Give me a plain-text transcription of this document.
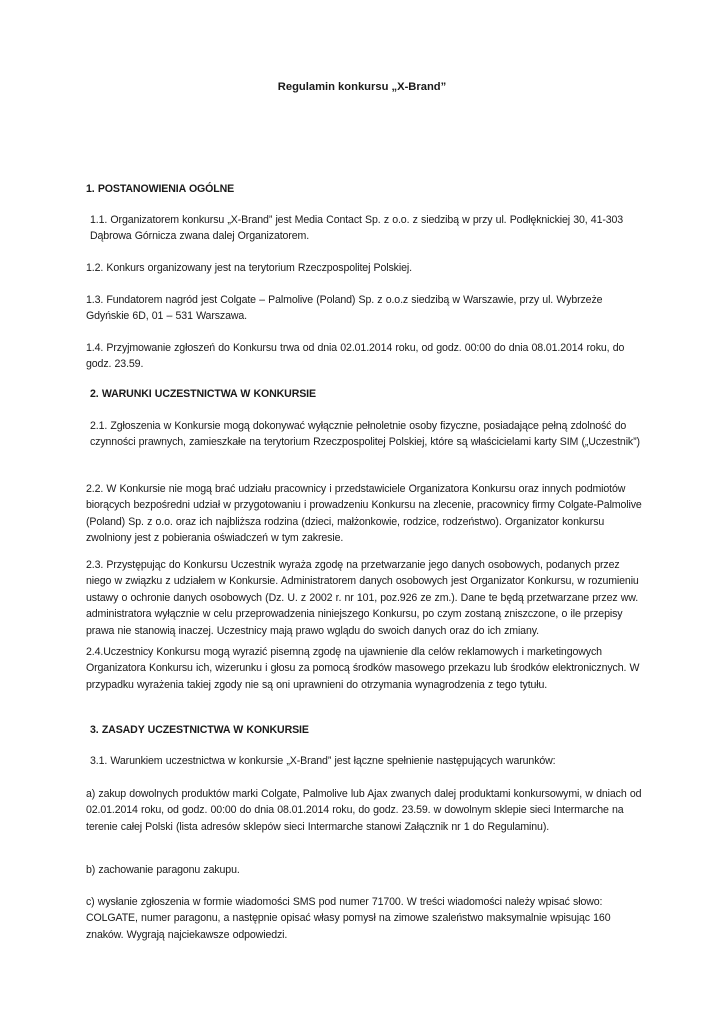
Regulamin konkursu „X-Brand”
1. POSTANOWIENIA OGÓLNE
1.1. Organizatorem konkursu „X-Brand” jest Media Contact Sp. z o.o. z siedzibą w przy ul. Podłęknickiej 30, 41-303 Dąbrowa Górnicza zwana dalej Organizatorem.
1.2. Konkurs organizowany jest na terytorium Rzeczpospolitej Polskiej.
1.3. Fundatorem nagród jest Colgate – Palmolive (Poland) Sp. z o.o.z siedzibą w Warszawie, przy ul. Wybrzeże Gdyńskie 6D, 01 – 531 Warszawa.
1.4. Przyjmowanie zgłoszeń do Konkursu trwa od dnia 02.01.2014 roku, od godz. 00:00 do dnia 08.01.2014 roku, do godz. 23.59.
2. WARUNKI UCZESTNICTWA W KONKURSIE
2.1. Zgłoszenia w Konkursie mogą dokonywać wyłącznie pełnoletnie osoby fizyczne, posiadające pełną zdolność do czynności prawnych, zamieszkałe na terytorium Rzeczpospolitej Polskiej, które są właścicielami karty SIM („Uczestnik”)
2.2. W Konkursie nie mogą brać udziału pracownicy i przedstawiciele Organizatora Konkursu oraz innych podmiotów biorących bezpośredni udział w przygotowaniu i prowadzeniu Konkursu na zlecenie, pracownicy firmy Colgate-Palmolive (Poland) Sp. z o.o. oraz ich najbliższa rodzina (dzieci, małżonkowie, rodzice, rodzeństwo). Organizator konkursu zwolniony jest z pobierania oświadczeń w tym zakresie.
2.3. Przystępując do Konkursu Uczestnik wyraża zgodę na przetwarzanie jego danych osobowych, podanych przez niego w związku z udziałem w Konkursie. Administratorem danych osobowych jest Organizator Konkursu, w rozumieniu ustawy o ochronie danych osobowych (Dz. U. z 2002 r. nr 101, poz.926 ze zm.). Dane te będą przetwarzane przez ww. administratora wyłącznie w celu przeprowadzenia niniejszego Konkursu, po czym zostaną zniszczone, o ile przepisy prawa nie stanowią inaczej. Uczestnicy mają prawo wglądu do swoich danych oraz do ich zmiany.
2.4.Uczestnicy Konkursu mogą wyrazić pisemną zgodę na ujawnienie dla celów reklamowych i marketingowych Organizatora Konkursu ich, wizerunku i głosu za pomocą środków masowego przekazu lub środków elektronicznych. W przypadku wyrażenia takiej zgody nie są oni uprawnieni do otrzymania wynagrodzenia z tego tytułu.
3. ZASADY UCZESTNICTWA W KONKURSIE
3.1. Warunkiem uczestnictwa w konkursie „X-Brand” jest łączne spełnienie następujących warunków:
a) zakup dowolnych produktów marki Colgate, Palmolive lub Ajax zwanych dalej produktami konkursowymi, w dniach od 02.01.2014 roku, od godz. 00:00 do dnia 08.01.2014 roku, do godz. 23.59. w dowolnym sklepie sieci Intermarche na terenie całej Polski (lista adresów sklepów sieci Intermarche stanowi Załącznik nr 1 do Regulaminu).
b) zachowanie paragonu zakupu.
c) wysłanie zgłoszenia w formie wiadomości SMS pod numer 71700. W treści wiadomości należy wpisać słowo: COLGATE, numer paragonu, a następnie opisać własy pomysł na zimowe szaleństwo maksymalnie wpisując 160 znaków. Wygrają najciekawsze odpowiedzi.
